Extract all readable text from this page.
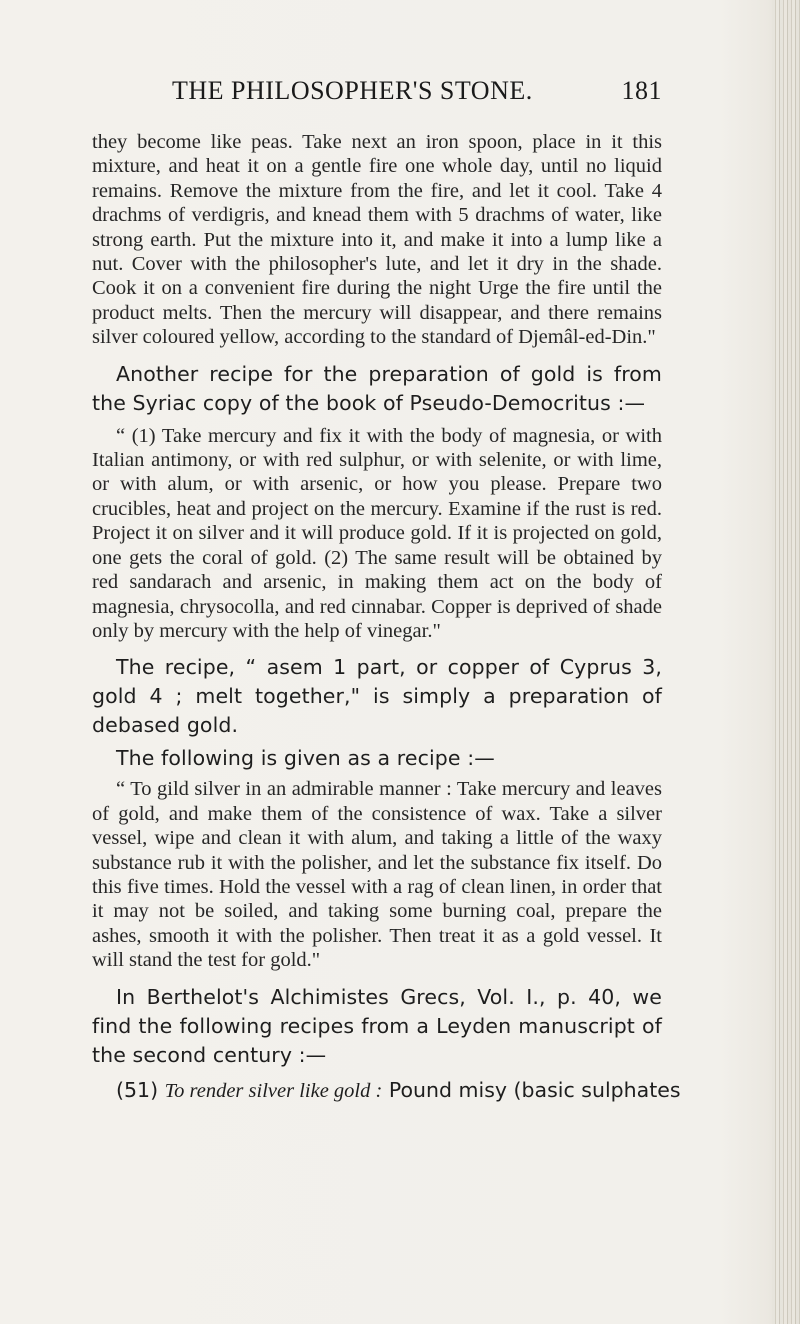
THE PHILOSOPHER'S STONE.	181

they become like peas. Take next an iron spoon, place in it this mixture, and heat it on a gentle fire one whole day, until no liquid remains. Remove the mixture from the fire, and let it cool. Take 4 drachms of verdigris, and knead them with 5 drachms of water, like strong earth. Put the mixture into it, and make it into a lump like a nut. Cover with the philosopher's lute, and let it dry in the shade. Cook it on a convenient fire during the night Urge the fire until the product melts. Then the mercury will disappear, and there remains silver coloured yellow, according to the standard of Djemâl-ed-Din."

Another recipe for the preparation of gold is from the Syriac copy of the book of Pseudo-Democritus :—

“ (1) Take mercury and fix it with the body of magnesia, or with Italian antimony, or with red sulphur, or with selenite, or with lime, or with alum, or with arsenic, or how you please. Prepare two crucibles, heat and project on the mercury. Examine if the rust is red. Project it on silver and it will produce gold. If it is projected on gold, one gets the coral of gold. (2) The same result will be obtained by red sandarach and arsenic, in making them act on the body of magnesia, chrysocolla, and red cinnabar. Copper is deprived of shade only by mercury with the help of vinegar."

The recipe, “ asem 1 part, or copper of Cyprus 3, gold 4 ; melt together," is simply a preparation of debased gold.

The following is given as a recipe :—

“ To gild silver in an admirable manner : Take mercury and leaves of gold, and make them of the consistence of wax. Take a silver vessel, wipe and clean it with alum, and taking a little of the waxy substance rub it with the polisher, and let the substance fix itself. Do this five times. Hold the vessel with a rag of clean linen, in order that it may not be soiled, and taking some burning coal, prepare the ashes, smooth it with the polisher. Then treat it as a gold vessel. It will stand the test for gold."

In Berthelot's Alchimistes Grecs, Vol. I., p. 40, we find the following recipes from a Leyden manuscript of the second century :—

(51) To render silver like gold : Pound misy (basic sulphates
